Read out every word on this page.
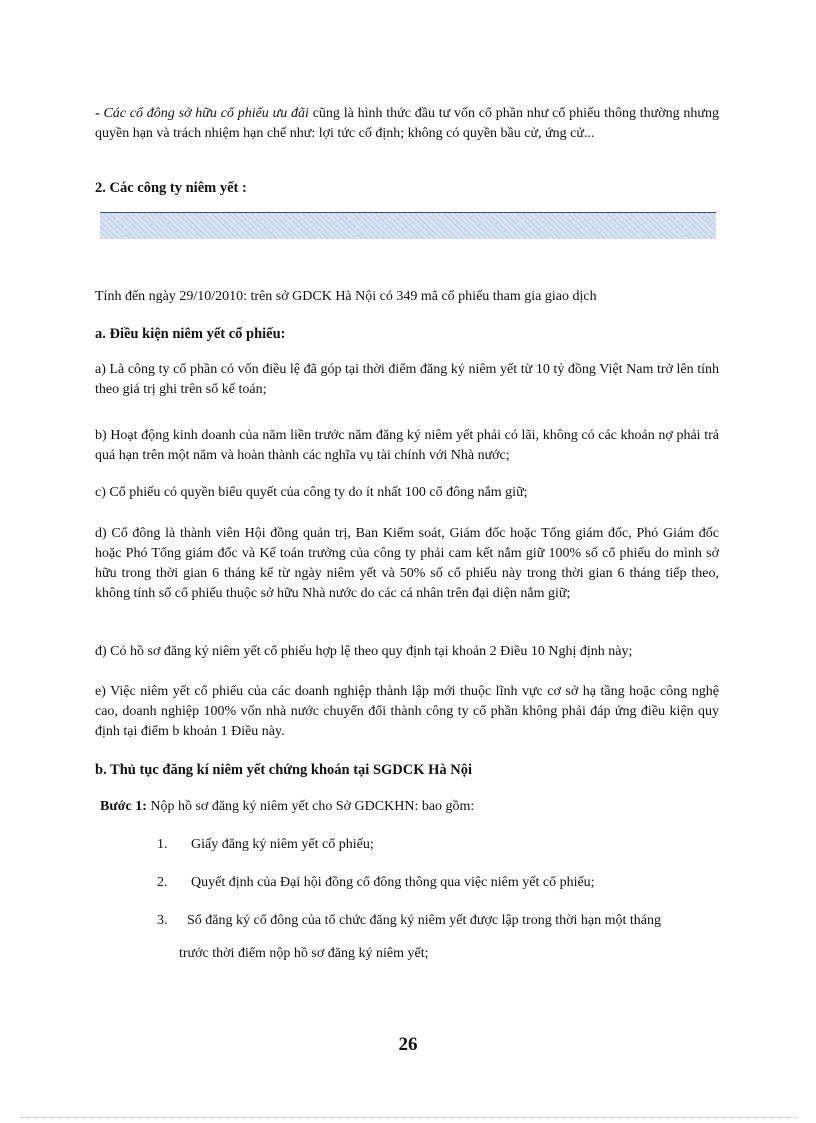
- Các cổ đông sở hữu cổ phiếu ưu đãi cũng là hình thức đầu tư vốn cổ phần như cổ phiếu thông thường nhưng quyền hạn và trách nhiệm hạn chế như: lợi tức cố định; không có quyền bầu cử, ứng cử...

2. Các công ty niêm yết :

Tính đến ngày 29/10/2010: trên sở GDCK Hà Nội có 349 mã cổ phiếu tham gia giao dịch

a. Điều kiện niêm yết cổ phiếu:

a) Là công ty cổ phần có vốn điều lệ đã góp tại thời điểm đăng ký niêm yết từ 10 tỷ đồng Việt Nam trở lên tính theo giá trị ghi trên sổ kế toán;

b) Hoạt động kinh doanh của năm liền trước năm đăng ký niêm yết phải có lãi, không có các khoản nợ phải trả quá hạn trên một năm và hoàn thành các nghĩa vụ tài chính với Nhà nước;

c) Cổ phiếu có quyền biểu quyết của công ty do ít nhất 100 cổ đông nắm giữ;

d) Cổ đông là thành viên Hội đồng quản trị, Ban Kiểm soát, Giám đốc hoặc Tổng giám đốc, Phó Giám đốc hoặc Phó Tổng giám đốc và Kế toán trưởng của công ty phải cam kết nắm giữ 100% số cổ phiếu do mình sở hữu trong thời gian 6 tháng kể từ ngày niêm yết và 50% số cổ phiếu này trong thời gian 6 tháng tiếp theo, không tính số cổ phiếu thuộc sở hữu Nhà nước do các cá nhân trên đại diện nắm giữ;

đ) Có hồ sơ đăng ký niêm yết cổ phiếu hợp lệ theo quy định tại khoản 2 Điều 10 Nghị định này;

e) Việc niêm yết cổ phiếu của các doanh nghiệp thành lập mới thuộc lĩnh vực cơ sở hạ tầng hoặc công nghệ cao, doanh nghiệp 100% vốn nhà nước chuyển đổi thành công ty cổ phần không phải đáp ứng điều kiện quy định tại điểm b khoản 1 Điều này.

b. Thủ tục đăng kí niêm yết chứng khoán tại SGDCK Hà Nội

Bước 1: Nộp hồ sơ đăng ký niêm yết cho Sở GDCKHN: bao gồm:

1. Giấy đăng ký niêm yết cổ phiếu;

2. Quyết định của Đại hội đồng cổ đông thông qua việc niêm yết cổ phiếu;

3. Sổ đăng ký cổ đông của tổ chức đăng ký niêm yết được lập trong thời hạn một tháng

trước thời điểm nộp hồ sơ đăng ký niêm yết;

26
